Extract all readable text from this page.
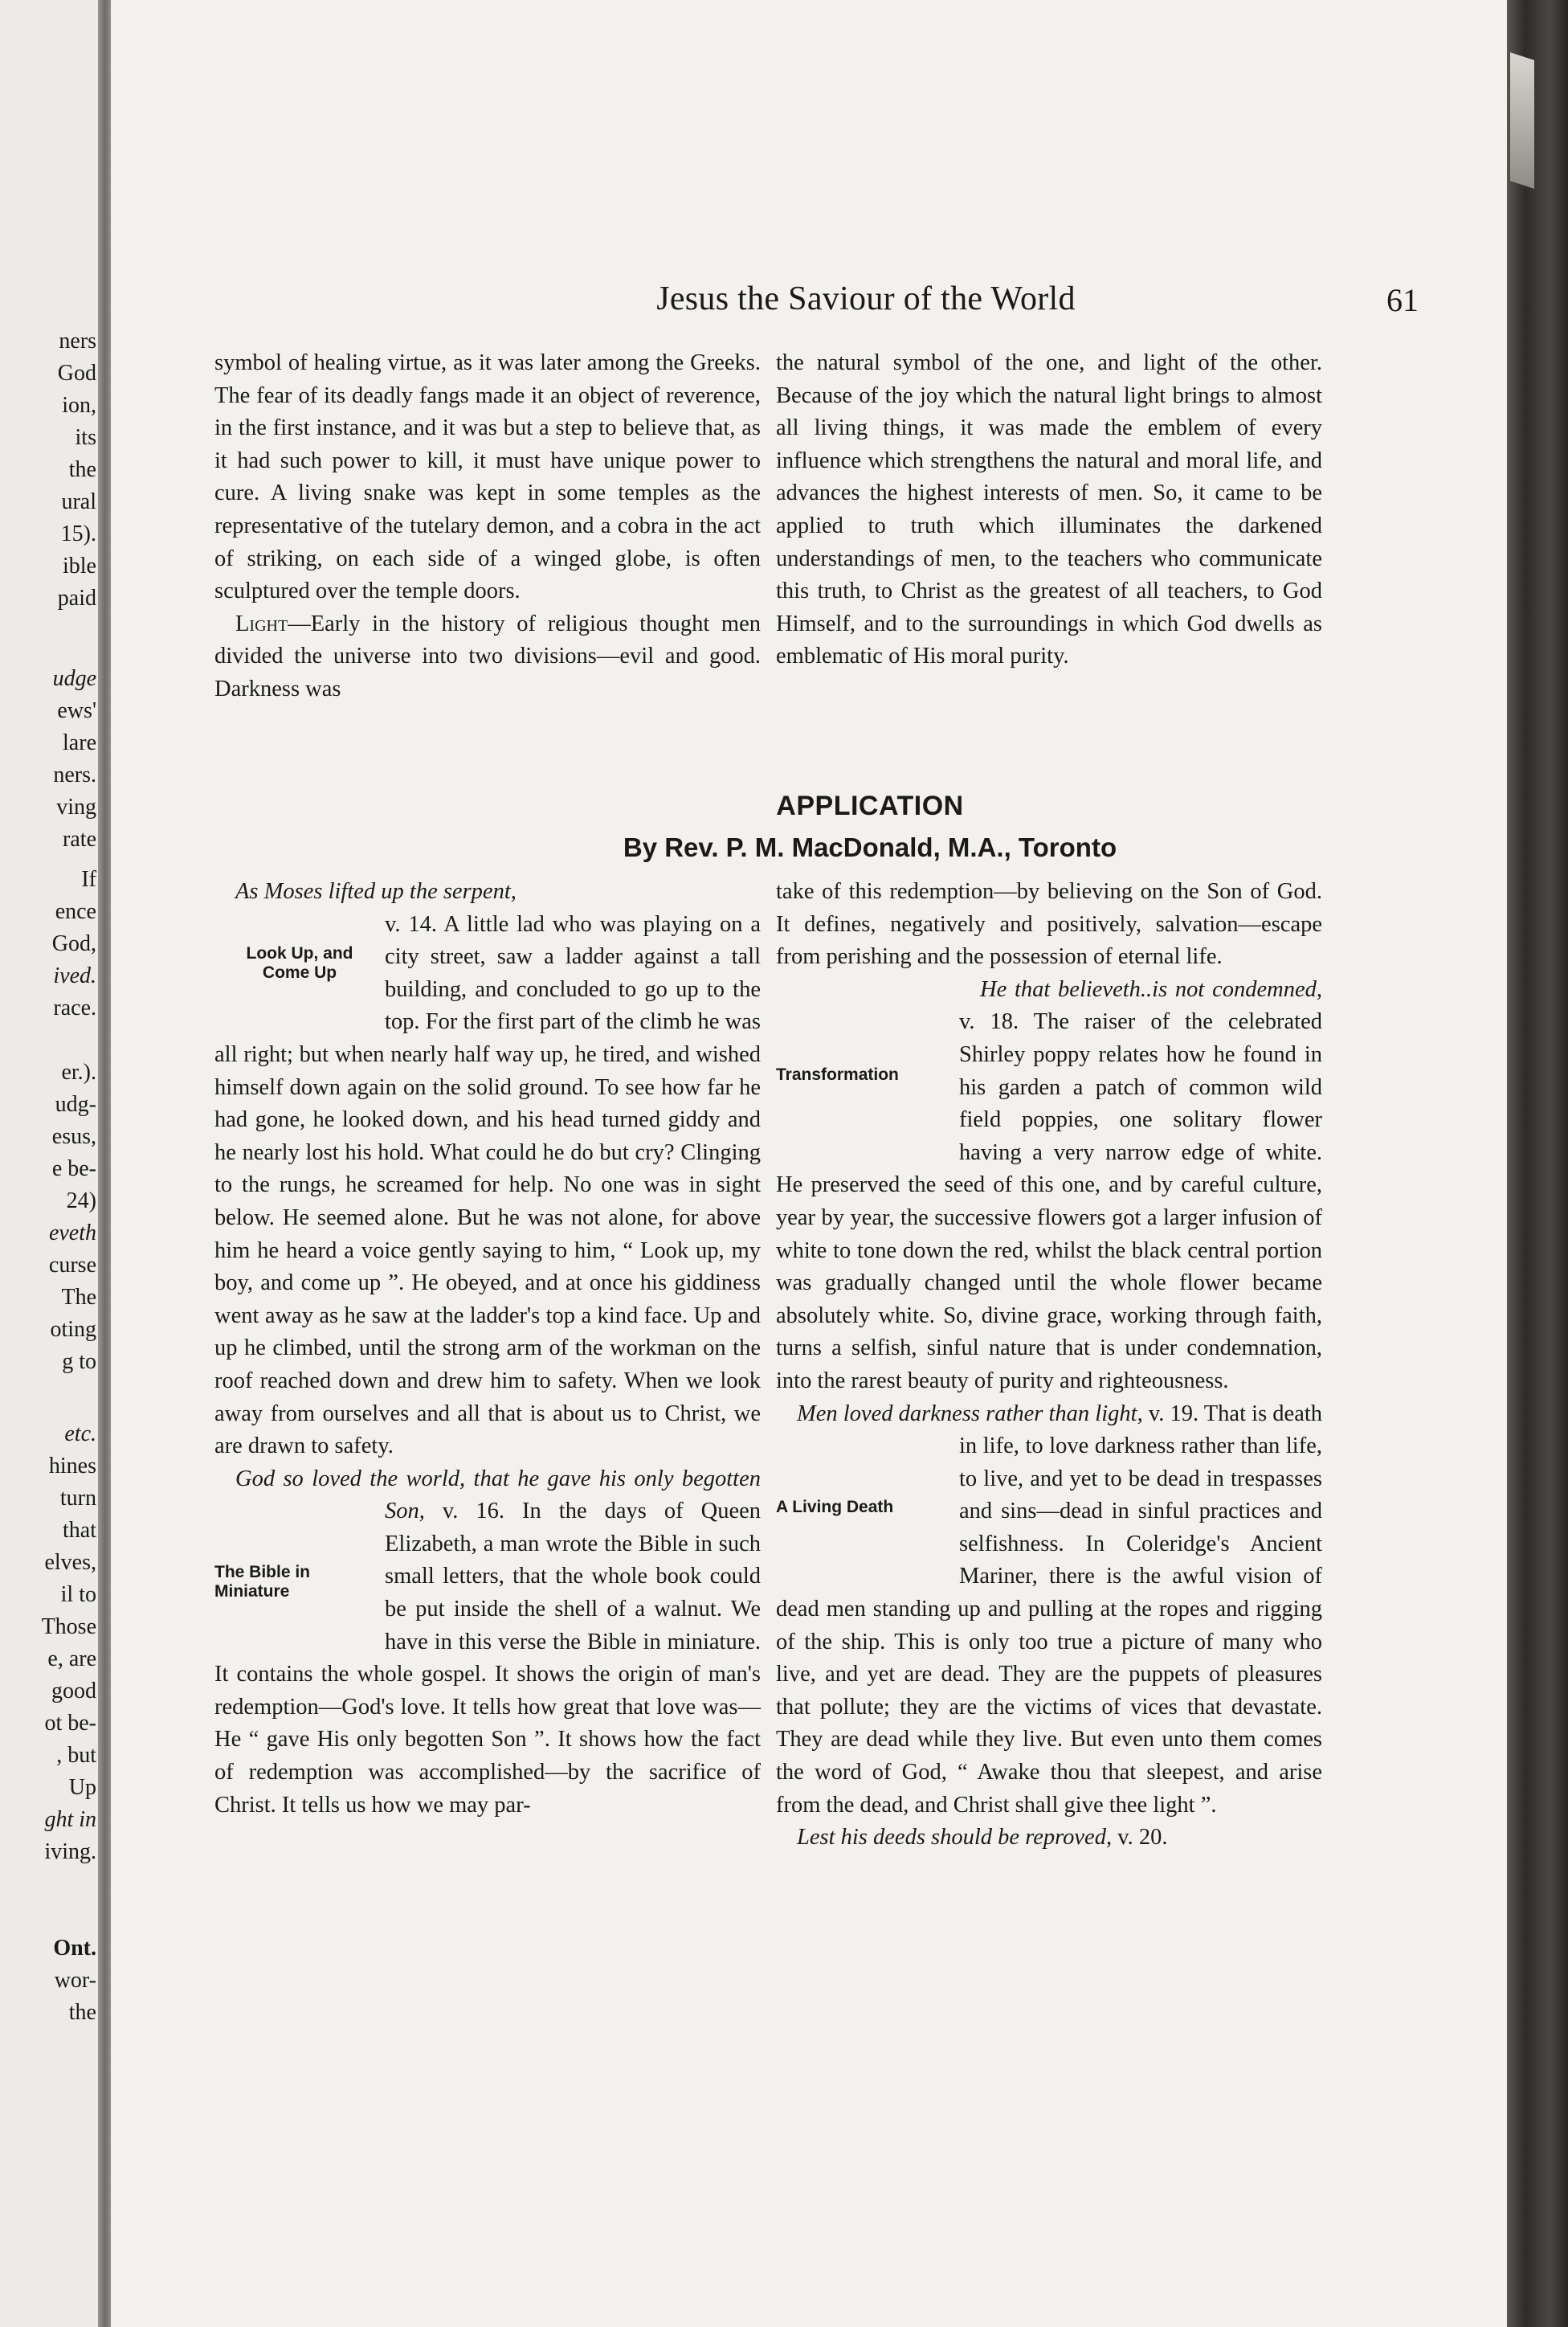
ners
God
ion,
its
the
ural
15).
ible
paid
udge
ews'
lare
ners.
ving
rate
If
ence
God,
ived.
race.
er.).
udg-
esus,
e be-
24)
eveth
curse
The
oting
g to
etc.
hines
turn
that
elves,
il to
Those
e, are
good
ot be-
, but
Up
ght in
iving.
Ont.
wor-
the
Jesus the Saviour of the World	61

symbol of healing virtue, as it was later among the Greeks. The fear of its deadly fangs made it an object of reverence, in the first instance, and it was but a step to believe that, as it had such power to kill, it must have unique power to cure. A living snake was kept in some temples as the representative of the tutelary demon, and a cobra in the act of striking, on each side of a winged globe, is often sculptured over the temple doors.

Light—Early in the history of religious thought men divided the universe into two divisions—evil and good. Darkness was

the natural symbol of the one, and light of the other. Because of the joy which the natural light brings to almost all living things, it was made the emblem of every influence which strengthens the natural and moral life, and advances the highest interests of men. So, it came to be applied to truth which illuminates the darkened understandings of men, to the teachers who communicate this truth, to Christ as the greatest of all teachers, to God Himself, and to the surroundings in which God dwells as emblematic of His moral purity.

APPLICATION
By Rev. P. M. MacDonald, M.A., Toronto

As Moses lifted up the serpent,

Look Up, and
Come Up
v. 14. A little lad who was playing on a city street, saw a ladder against a tall building, and concluded to go up to the top. For the first part of the climb he was all right; but when nearly half way up, he tired, and wished himself down again on the solid ground. To see how far he had gone, he looked down, and his head turned giddy and he nearly lost his hold. What could he do but cry? Clinging to the rungs, he screamed for help. No one was in sight below. He seemed alone. But he was not alone, for above him he heard a voice gently saying to him, “ Look up, my boy, and come up ”. He obeyed, and at once his giddiness went away as he saw at the ladder's top a kind face. Up and up he climbed, until the strong arm of the workman on the roof reached down and drew him to safety. When we look away from ourselves and all that is about us to Christ, we are drawn to safety.

God so loved the world, that he gave his only begotten Son,
The Bible in
Miniature
v. 16. In the days of Queen Elizabeth, a man wrote the Bible in such small letters, that the whole book could be put inside the shell of a walnut. We have in this verse the Bible in miniature. It contains the whole gospel. It shows the origin of man's redemption—God's love. It tells how great that love was—He “ gave His only begotten Son ”. It shows how the fact of redemption was accomplished—by the sacrifice of Christ. It tells us how we may par-

take of this redemption—by believing on the Son of God. It defines, negatively and positively, salvation—escape from perishing and the possession of eternal life.

He that believeth..is not condemned,
Transformation
v. 18. The raiser of the celebrated Shirley poppy relates how he found in his garden a patch of common wild field poppies, one solitary flower having a very narrow edge of white. He preserved the seed of this one, and by careful culture, year by year, the successive flowers got a larger infusion of white to tone down the red, whilst the black central portion was gradually changed until the whole flower became absolutely white. So, divine grace, working through faith, turns a selfish, sinful nature that is under condemnation, into the rarest beauty of purity and righteousness.

Men loved darkness rather than light,
A Living Death
v. 19. That is death in life, to love darkness rather than life, to live, and yet to be dead in trespasses and sins—dead in sinful practices and selfishness. In Coleridge's Ancient Mariner, there is the awful vision of dead men standing up and pulling at the ropes and rigging of the ship. This is only too true a picture of many who live, and yet are dead. They are the puppets of pleasures that pollute; they are the victims of vices that devastate. They are dead while they live. But even unto them comes the word of God, “ Awake thou that sleepest, and arise from the dead, and Christ shall give thee light ”.

Lest his deeds should be reproved, v. 20.
